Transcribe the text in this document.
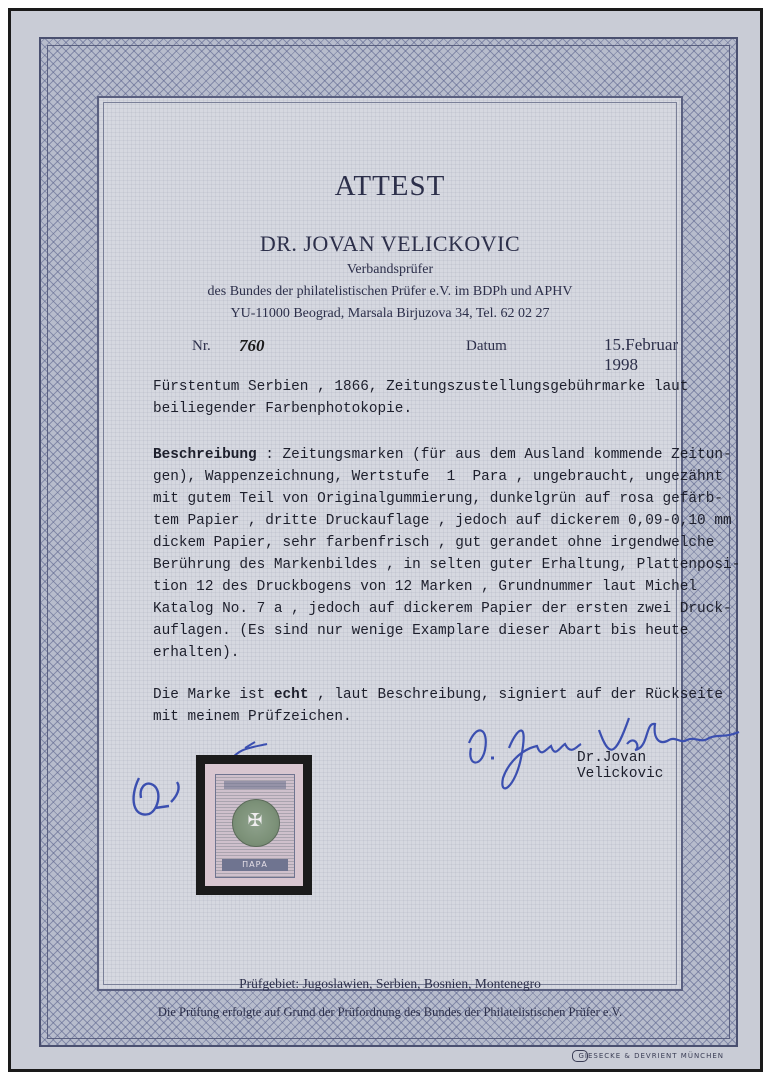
ATTEST
DR. JOVAN VELICKOVIC
Verbandsprüfer
des Bundes der philatelistischen Prüfer e.V. im BDPh und APHV
YU-11000 Beograd, Marsala Birjuzova 34, Tel. 62 02 27
Nr. 760	Datum	15.Februar 1998
Fürstentum Serbien , 1866, Zeitungszustellungsgebührmarke laut
beiliegender Farbenphotokopie.
Beschreibung : Zeitungsmarken (für aus dem Ausland kommende Zeitun-
gen), Wappenzeichnung, Wertstufe  1  Para , ungebraucht, ungezähnt
mit gutem Teil von Originalgummierung, dunkelgrün auf rosa gefärb-
tem Papier , dritte Druckauflage , jedoch auf dickerem 0,09-0,10 mm
dickem Papier, sehr farbenfrisch , gut gerandet ohne irgendwelche
Berührung des Markenbildes , in selten guter Erhaltung, Plattenposi-
tion 12 des Druckbogens von 12 Marken , Grundnummer laut Michel
Katalog No. 7 a , jedoch auf dickerem Papier der ersten zwei Druck-
auflagen. (Es sind nur wenige Examplare dieser Abart bis heute
erhalten).
Die Marke ist echt , laut Beschreibung, signiert auf der Rückseite
mit meinem Prüfzeichen.
Dr.Jovan Velickovic
✠
ПАРА
Prüfgebiet: Jugoslawien, Serbien, Bosnien, Montenegro
Die Prüfung erfolgte auf Grund der Prüfordnung des Bundes der Philatelistischen Prüfer e.V.
GIESECKE & DEVRIENT MÜNCHEN
